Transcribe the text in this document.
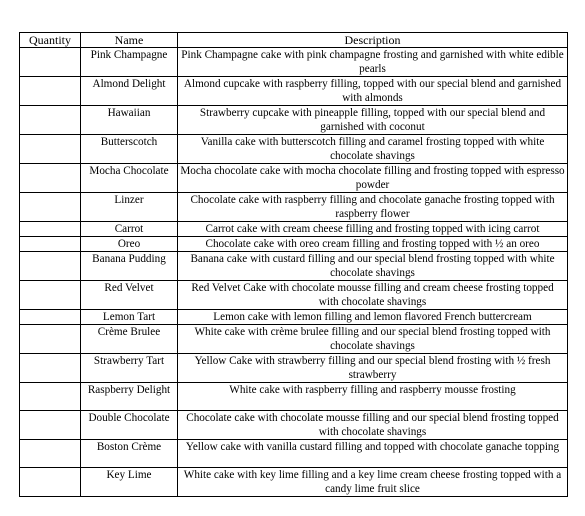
Quantity	Name	Description
	Pink Champagne	Pink Champagne cake with pink champagne frosting and garnished with white edible pearls
	Almond Delight	Almond cupcake with raspberry filling, topped with our special blend and garnished with almonds
	Hawaiian	Strawberry cupcake with pineapple filling, topped with our special blend and garnished with coconut
	Butterscotch	Vanilla cake with butterscotch filling and caramel frosting topped with white chocolate shavings
	Mocha Chocolate	Mocha chocolate cake with mocha chocolate filling and frosting topped with espresso powder
	Linzer	Chocolate cake with raspberry filling and chocolate ganache frosting topped with raspberry flower
	Carrot	Carrot cake with cream cheese filling and frosting topped with icing carrot
	Oreo	Chocolate cake with oreo cream filling and frosting topped with ½ an oreo
	Banana Pudding	Banana cake with custard filling and our special blend frosting topped with white chocolate shavings
	Red Velvet	Red Velvet Cake with chocolate mousse filling and cream cheese frosting topped with chocolate shavings
	Lemon Tart	Lemon cake with lemon filling and lemon flavored French buttercream
	Crème Brulee	White cake with crème brulee filling and our special blend frosting topped with chocolate shavings
	Strawberry Tart	Yellow Cake with strawberry filling and our special blend frosting with ½ fresh strawberry
	Raspberry Delight	White cake with raspberry filling and raspberry mousse frosting
	Double Chocolate	Chocolate cake with chocolate mousse filling and our special blend frosting topped with chocolate shavings
	Boston Crème	Yellow cake with vanilla custard filling and topped with chocolate ganache topping
	Key Lime	White cake with key lime filling and a key lime cream cheese frosting topped with a candy lime fruit slice
